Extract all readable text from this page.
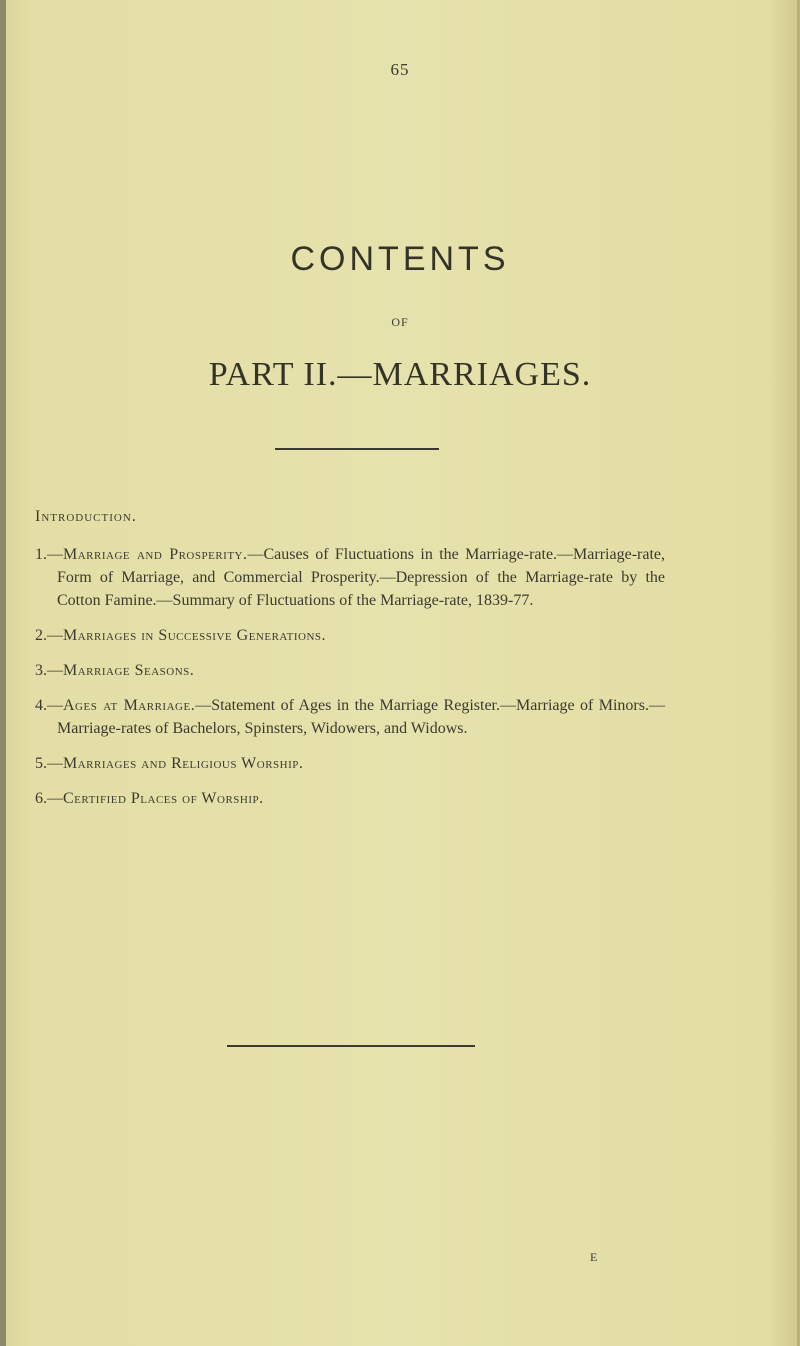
65
CONTENTS
OF
PART II.—MARRIAGES.
Introduction.
1.—Marriage and Prosperity.—Causes of Fluctuations in the Marriage-rate.—Marriage-rate, Form of Marriage, and Commercial Prosperity.—Depression of the Marriage-rate by the Cotton Famine.—Summary of Fluctuations of the Marriage-rate, 1839-77.
2.—Marriages in Successive Generations.
3.—Marriage Seasons.
4.—Ages at Marriage.—Statement of Ages in the Marriage Register.—Marriage of Minors.—Marriage-rates of Bachelors, Spinsters, Widowers, and Widows.
5.—Marriages and Religious Worship.
6.—Certified Places of Worship.
E
